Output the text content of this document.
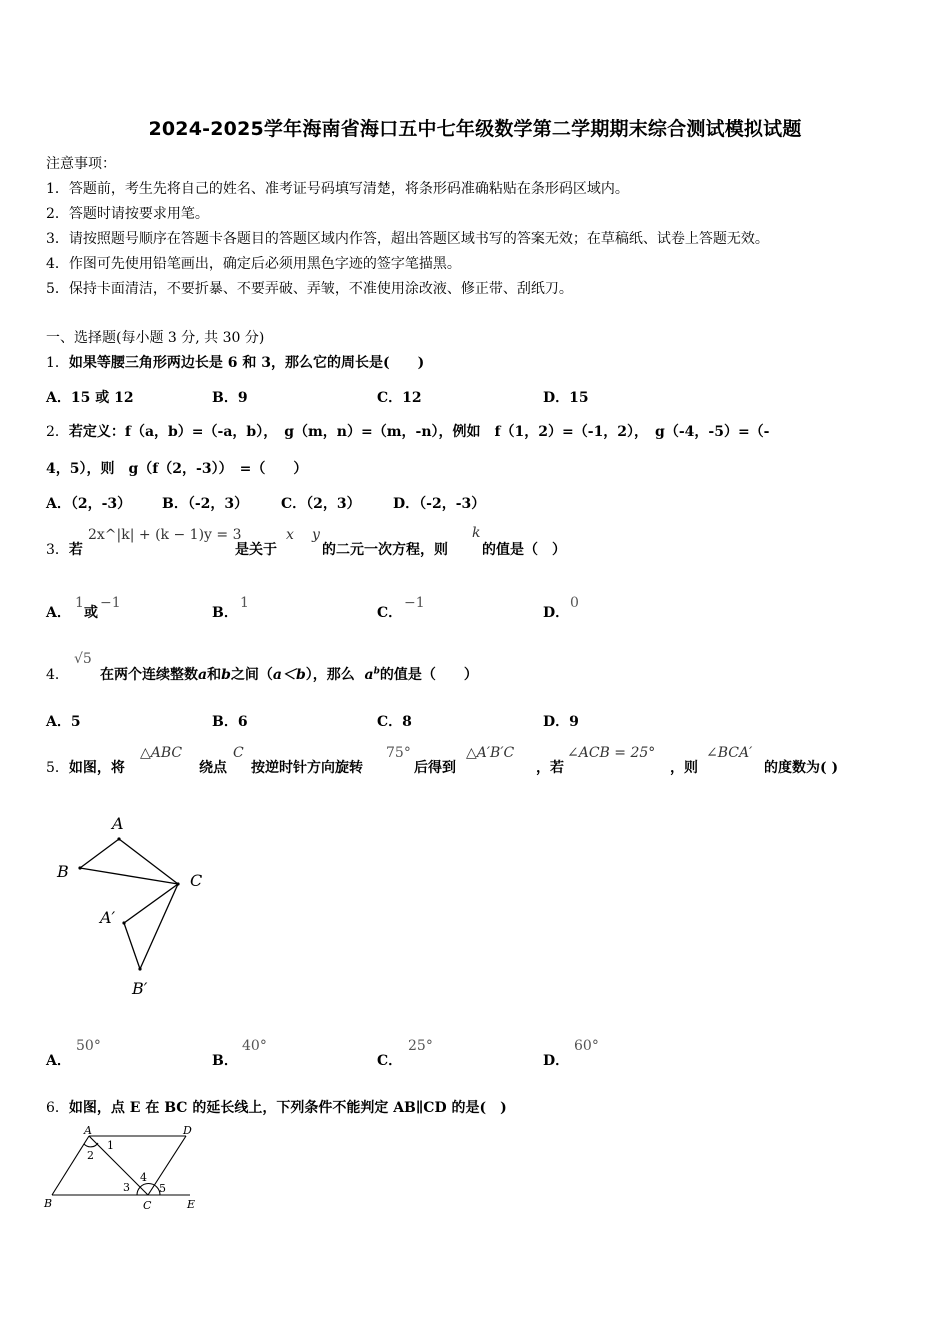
2024-2025学年海南省海口五中七年级数学第二学期期末综合测试模拟试题
注意事项：
1．答题前，考生先将自己的姓名、准考证号码填写清楚，将条形码准确粘贴在条形码区域内。
2．答题时请按要求用笔。
3．请按照题号顺序在答题卡各题目的答题区域内作答，超出答题区域书写的答案无效；在草稿纸、试卷上答题无效。
4．作图可先使用铅笔画出，确定后必须用黑色字迹的签字笔描黑。
5．保持卡面清洁，不要折暴、不要弄破、弄皱，不准使用涂改液、修正带、刮纸刀。
一、选择题(每小题 3 分, 共 30 分)
1．如果等腰三角形两边长是 6 和 3，那么它的周长是(　　)
A．15 或 12	B．9	C．12	D．15
2．若定义：f（a，b）=（-a，b），　g（m，n）=（m，-n），例如　f（1，2）=（-1，2），　g（-4，-5）=（-
4，5），则　g（f（2，-3））　=（　　）
A．（2，-3） B．（-2，3） C．（2，3） D．（-2，-3）
3．若
2x^|k| + (k − 1)y = 3
是关于
x y
的二元一次方程，则
k
的值是（　）
A．
1
或
−1
B．
1
C．
−1
D．
0
4．
√5
在两个连续整数a和b之间（a＜b），那么 $a^b$的值是（　　）
A．5	B．6	C．8	D．9
5．如图，将
△ABC
绕点
C
按逆时针方向旋转
75°
后得到
△A′B′C
，若
∠ACB = 25°
，则
∠BCA′
的度数为( )
A
B	C
A′
B′
A．
50°
B．
40°
C．
25°
D．
60°
6．如图，点 E 在 BC 的延长线上，下列条件不能判定 AB∥CD 的是(　)
A	D
B	C	E
1
2
3
4
5
